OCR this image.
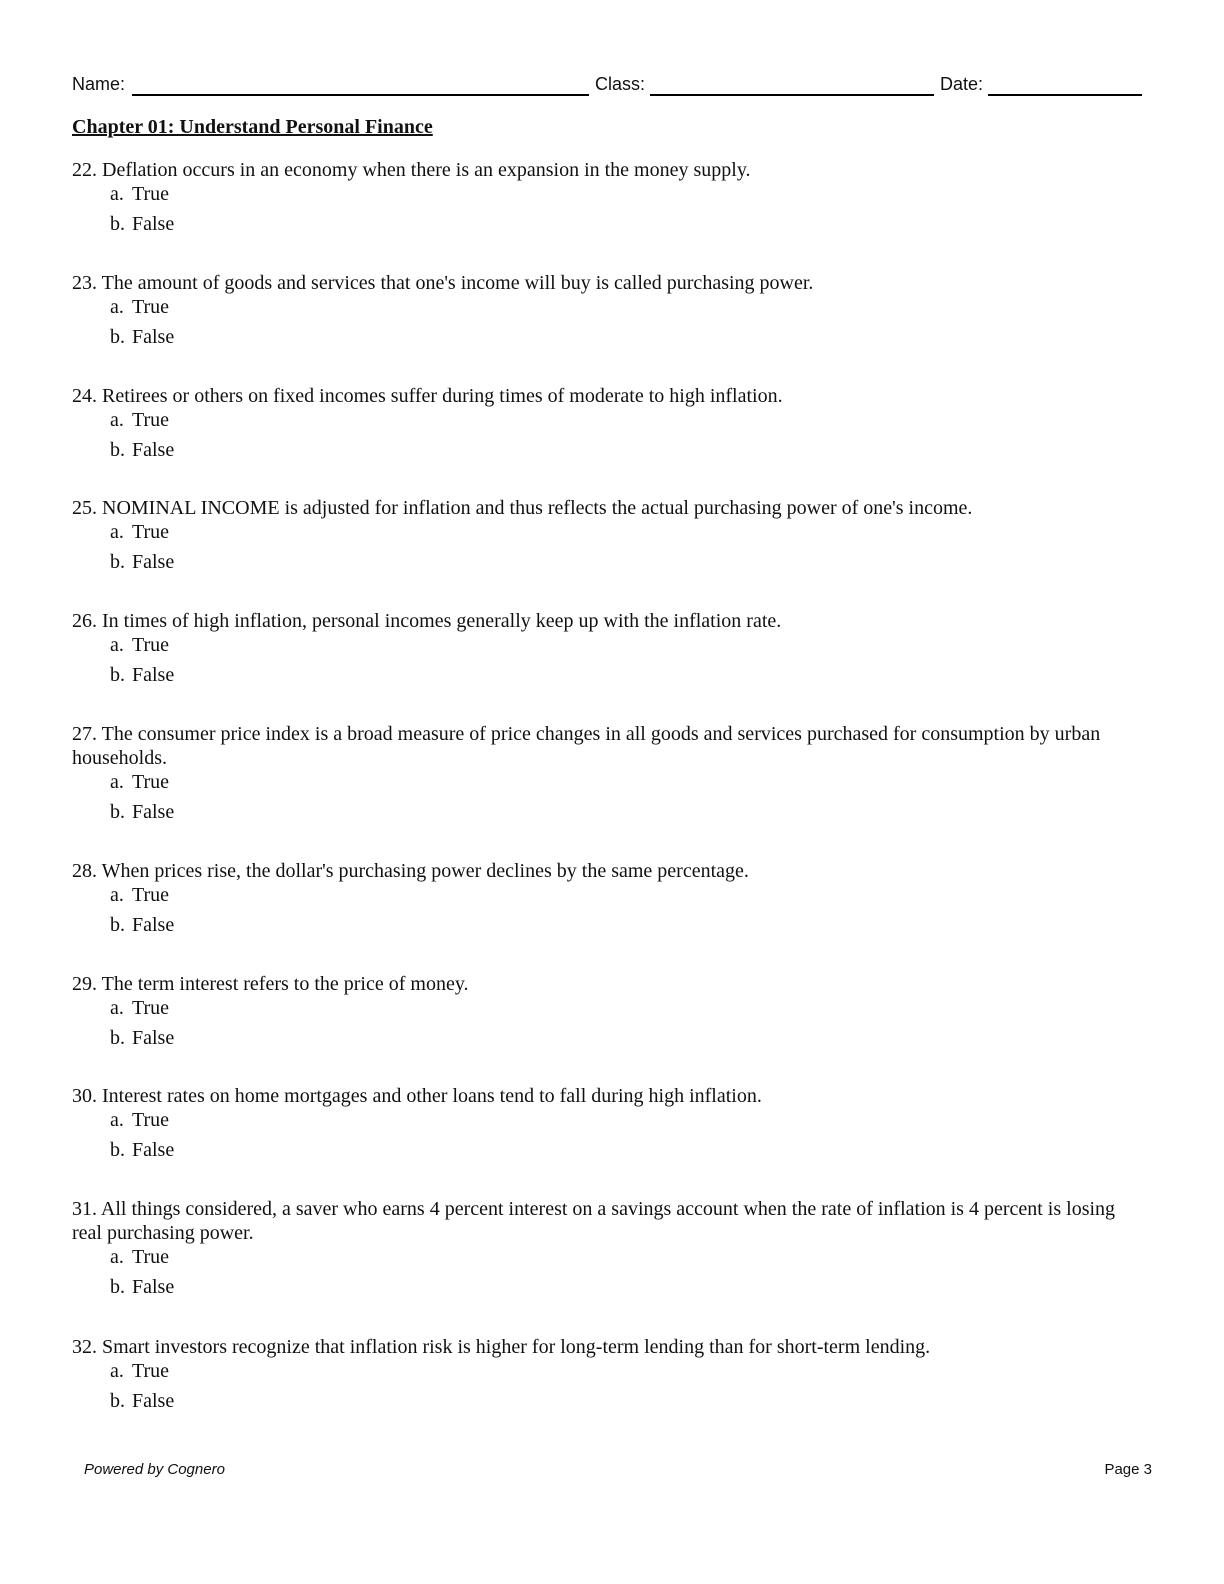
Name:	Class:	Date:
Chapter 01: Understand Personal Finance
22. Deflation occurs in an economy when there is an expansion in the money supply.
a. True
b. False
23. The amount of goods and services that one's income will buy is called purchasing power.
a. True
b. False
24. Retirees or others on fixed incomes suffer during times of moderate to high inflation.
a. True
b. False
25. NOMINAL INCOME is adjusted for inflation and thus reflects the actual purchasing power of one's income.
a. True
b. False
26. In times of high inflation, personal incomes generally keep up with the inflation rate.
a. True
b. False
27. The consumer price index is a broad measure of price changes in all goods and services purchased for consumption by urban households.
a. True
b. False
28. When prices rise, the dollar's purchasing power declines by the same percentage.
a. True
b. False
29. The term interest refers to the price of money.
a. True
b. False
30. Interest rates on home mortgages and other loans tend to fall during high inflation.
a. True
b. False
31. All things considered, a saver who earns 4 percent interest on a savings account when the rate of inflation is 4 percent is losing real purchasing power.
a. True
b. False
32. Smart investors recognize that inflation risk is higher for long-term lending than for short-term lending.
a. True
b. False
Powered by Cognero	Page 3
